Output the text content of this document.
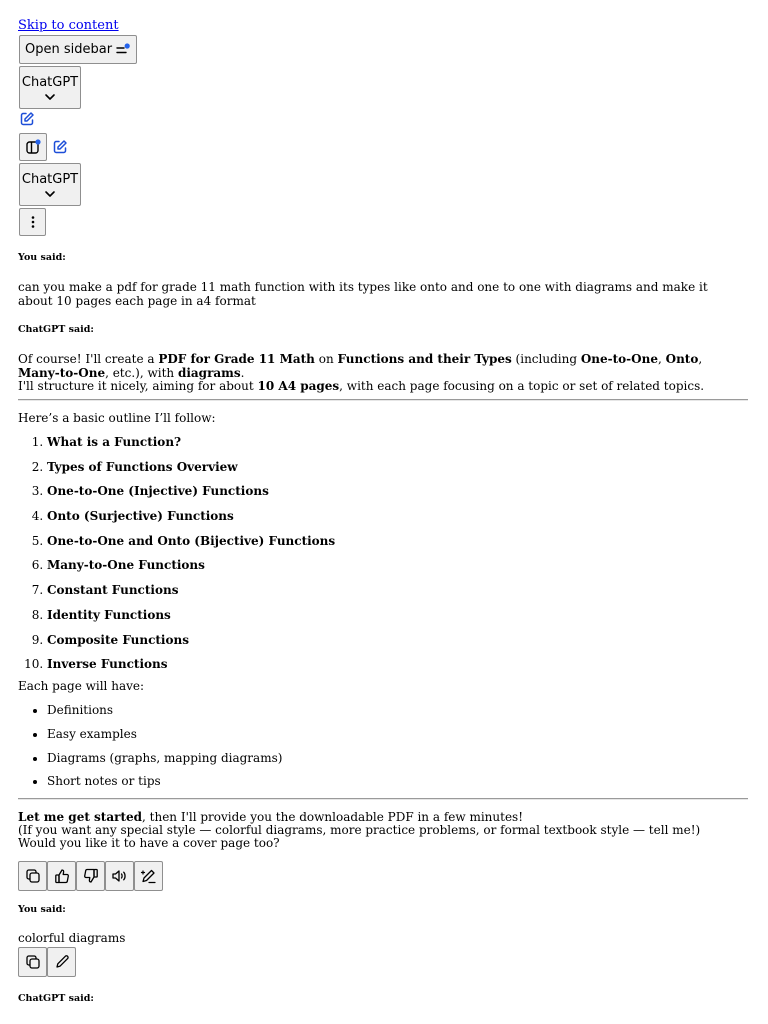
Skip to content
Open sidebar
ChatGPT
ChatGPT
You said:

can you make a pdf for grade 11 math function with its types like onto and one to one with diagrams and make it about 10 pages each page in a4 format

ChatGPT said:

Of course! I'll create a PDF for Grade 11 Math on Functions and their Types (including One-to-One, Onto, Many-to-One, etc.), with diagrams.
I'll structure it nicely, aiming for about 10 A4 pages, with each page focusing on a topic or set of related topics.

Here’s a basic outline I’ll follow:

1. What is a Function?
2. Types of Functions Overview
3. One-to-One (Injective) Functions
4. Onto (Surjective) Functions
5. One-to-One and Onto (Bijective) Functions
6. Many-to-One Functions
7. Constant Functions
8. Identity Functions
9. Composite Functions
10. Inverse Functions

Each page will have:

• Definitions
• Easy examples
• Diagrams (graphs, mapping diagrams)
• Short notes or tips

Let me get started, then I'll provide you the downloadable PDF in a few minutes!
(If you want any special style — colorful diagrams, more practice problems, or formal textbook style — tell me!)
Would you like it to have a cover page too?

You said:

colorful diagrams

ChatGPT said:
